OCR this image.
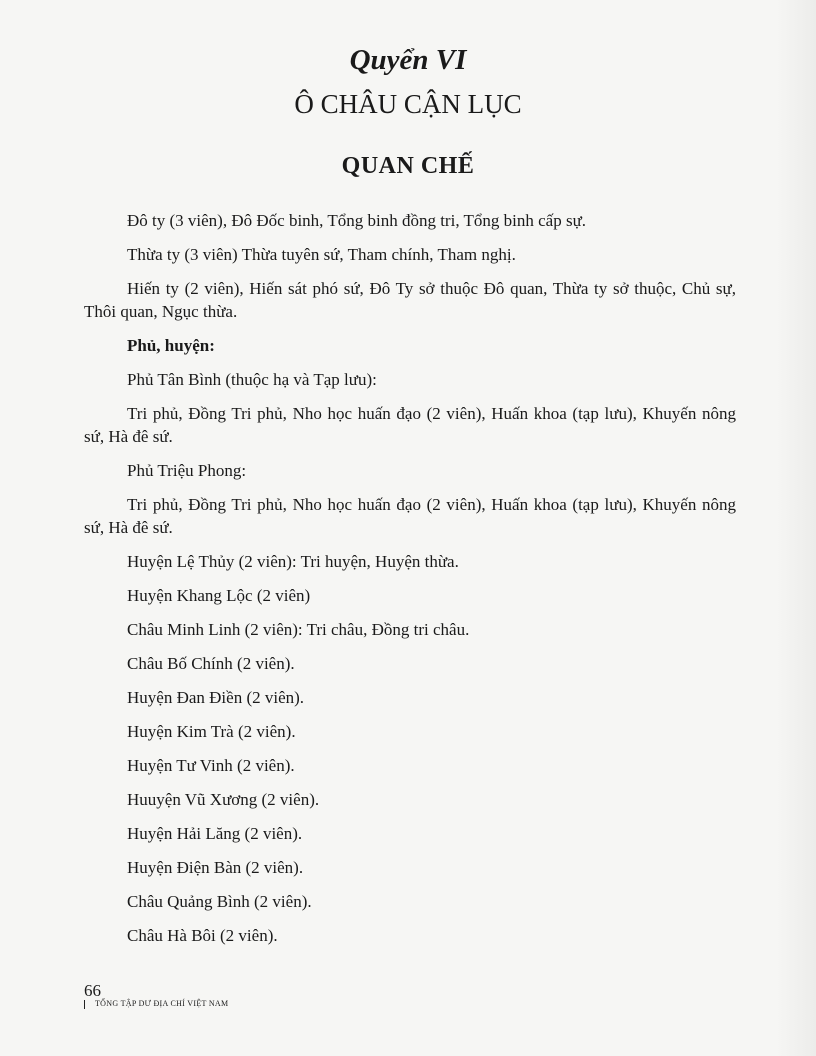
Quyển VI
Ô CHÂU CẬN LỤC
QUAN CHẾ

Đô ty (3 viên), Đô Đốc binh, Tổng binh đồng tri, Tổng binh cấp sự.

Thừa ty (3 viên) Thừa tuyên sứ, Tham chính, Tham nghị.

Hiến ty (2 viên), Hiến sát phó sứ, Đô Ty sở thuộc Đô quan, Thừa ty sở thuộc, Chủ sự, Thôi quan, Ngục thừa.

Phủ, huyện:

Phủ Tân Bình (thuộc hạ và Tạp lưu):

Tri phủ, Đồng Tri phủ, Nho học huấn đạo (2 viên), Huấn khoa (tạp lưu), Khuyến nông sứ, Hà đê sứ.

Phủ Triệu Phong:

Tri phủ, Đồng Tri phủ, Nho học huấn đạo (2 viên), Huấn khoa (tạp lưu), Khuyến nông sứ, Hà đê sứ.

Huyện Lệ Thủy (2 viên): Tri huyện, Huyện thừa.

Huyện Khang Lộc (2 viên)

Châu Minh Linh (2 viên): Tri châu, Đồng tri châu.

Châu Bố Chính (2 viên).

Huyện Đan Điền (2 viên).

Huyện Kim Trà (2 viên).

Huyện Tư Vinh (2 viên).

Huuyện Vũ Xương (2 viên).

Huyện Hải Lăng (2 viên).

Huyện Điện Bàn (2 viên).

Châu Quảng Bình (2 viên).

Châu Hà Bôi (2 viên).

66
TỔNG TẬP DƯ ĐỊA CHÍ VIỆT NAM
